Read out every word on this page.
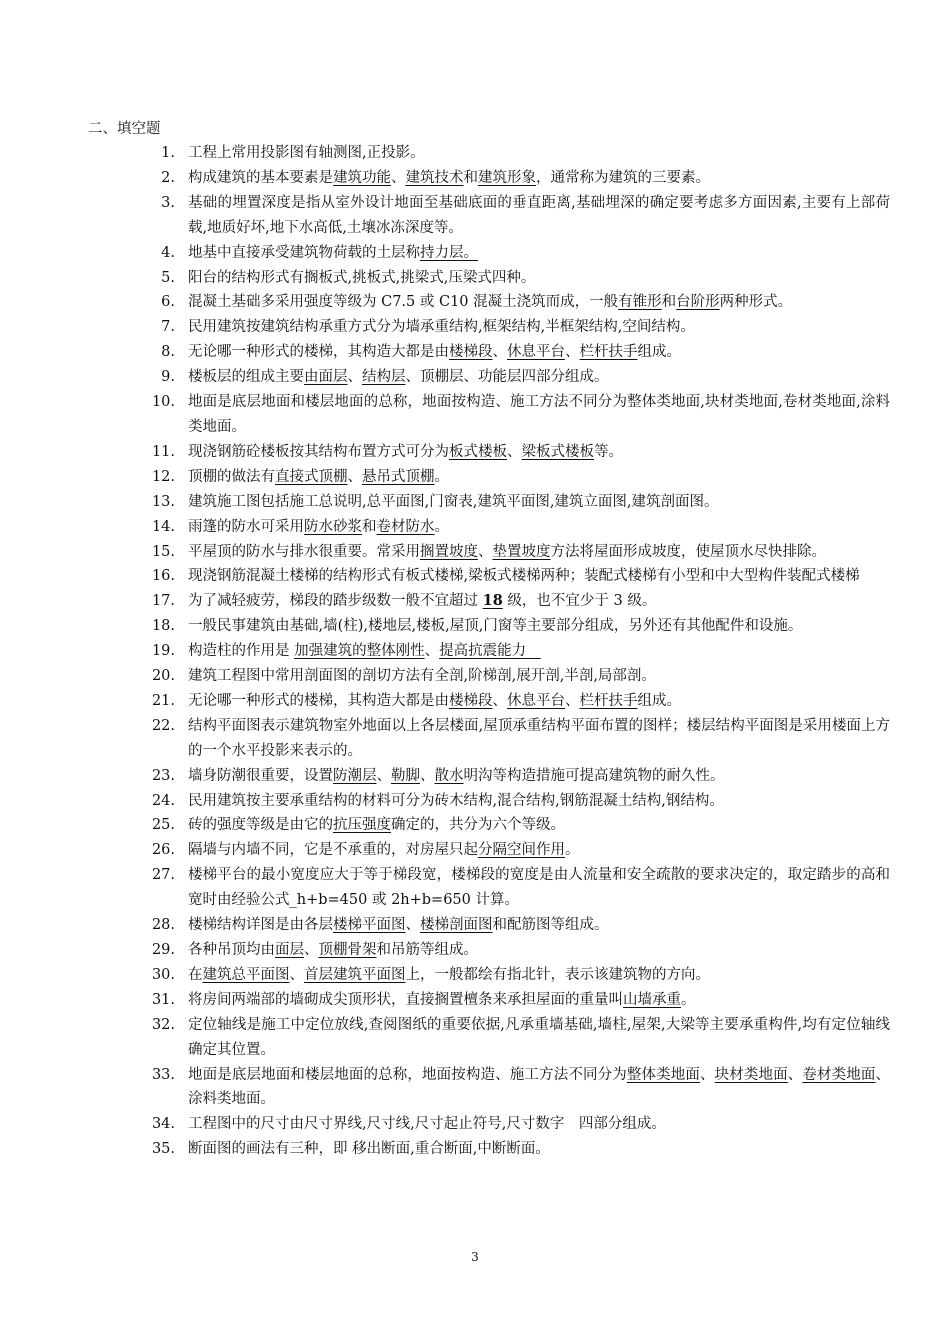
二、填空题
1. 工程上常用投影图有轴测图,正投影。
2. 构成建筑的基本要素是建筑功能、建筑技术和建筑形象，通常称为建筑的三要素。
3. 基础的埋置深度是指从室外设计地面至基础底面的垂直距离,基础埋深的确定要考虑多方面因素,主要有上部荷载,地质好坏,地下水高低,土壤冰冻深度等。
4. 地基中直接承受建筑物荷载的土层称持力层。
5. 阳台的结构形式有搁板式,挑板式,挑梁式,压梁式四种。
6. 混凝土基础多采用强度等级为 C7.5 或 C10 混凝土浇筑而成，一般有锥形和台阶形两种形式。
7. 民用建筑按建筑结构承重方式分为墙承重结构,框架结构,半框架结构,空间结构。
8. 无论哪一种形式的楼梯，其构造大都是由楼梯段、休息平台、栏杆扶手组成。
9. 楼板层的组成主要由面层、结构层、顶棚层、功能层四部分组成。
10. 地面是底层地面和楼层地面的总称，地面按构造、施工方法不同分为整体类地面,块材类地面,卷材类地面,涂料类地面。
11. 现浇钢筋砼楼板按其结构布置方式可分为板式楼板、梁板式楼板等。
12. 顶棚的做法有直接式顶棚、悬吊式顶棚。
13. 建筑施工图包括施工总说明,总平面图,门窗表,建筑平面图,建筑立面图,建筑剖面图。
14. 雨篷的防水可采用防水砂浆和卷材防水。
15. 平屋顶的防水与排水很重要。常采用搁置坡度、垫置坡度方法将屋面形成坡度，使屋顶水尽快排除。
16. 现浇钢筋混凝土楼梯的结构形式有板式楼梯,梁板式楼梯两种；装配式楼梯有小型和中大型构件装配式楼梯
17. 为了减轻疲劳，梯段的踏步级数一般不宜超过 18 级，也不宜少于 3 级。
18. 一般民事建筑由基础,墙(柱),楼地层,楼板,屋顶,门窗等主要部分组成，另外还有其他配件和设施。
19. 构造柱的作用是 加强建筑的整体刚性、提高抗震能力　
20. 建筑工程图中常用剖面图的剖切方法有全剖,阶梯剖,展开剖,半剖,局部剖。
21. 无论哪一种形式的楼梯，其构造大都是由楼梯段、休息平台、栏杆扶手组成。
22. 结构平面图表示建筑物室外地面以上各层楼面,屋顶承重结构平面布置的图样；楼层结构平面图是采用楼面上方的一个水平投影来表示的。
23. 墙身防潮很重要，设置防潮层、勒脚、散水明沟等构造措施可提高建筑物的耐久性。
24. 民用建筑按主要承重结构的材料可分为砖木结构,混合结构,钢筋混凝土结构,钢结构。
25. 砖的强度等级是由它的抗压强度确定的，共分为六个等级。
26. 隔墙与内墙不同，它是不承重的，对房屋只起分隔空间作用。
27. 楼梯平台的最小宽度应大于等于梯段宽，楼梯段的宽度是由人流量和安全疏散的要求决定的，取定踏步的高和宽时由经验公式_h+b=450 或 2h+b=650 计算。
28. 楼梯结构详图是由各层楼梯平面图、楼梯剖面图和配筋图等组成。
29. 各种吊顶均由面层、顶棚骨架和吊筋等组成。
30. 在建筑总平面图、首层建筑平面图上，一般都绘有指北针，表示该建筑物的方向。
31. 将房间两端部的墙砌成尖顶形状，直接搁置檀条来承担屋面的重量叫山墙承重。
32. 定位轴线是施工中定位放线,查阅图纸的重要依据,凡承重墙基础,墙柱,屋架,大梁等主要承重构件,均有定位轴线确定其位置。
33. 地面是底层地面和楼层地面的总称，地面按构造、施工方法不同分为整体类地面、块材类地面、卷材类地面、涂料类地面。
34. 工程图中的尺寸由尺寸界线,尺寸线,尺寸起止符号,尺寸数字　四部分组成。
35. 断面图的画法有三种，即 移出断面,重合断面,中断断面。
3
